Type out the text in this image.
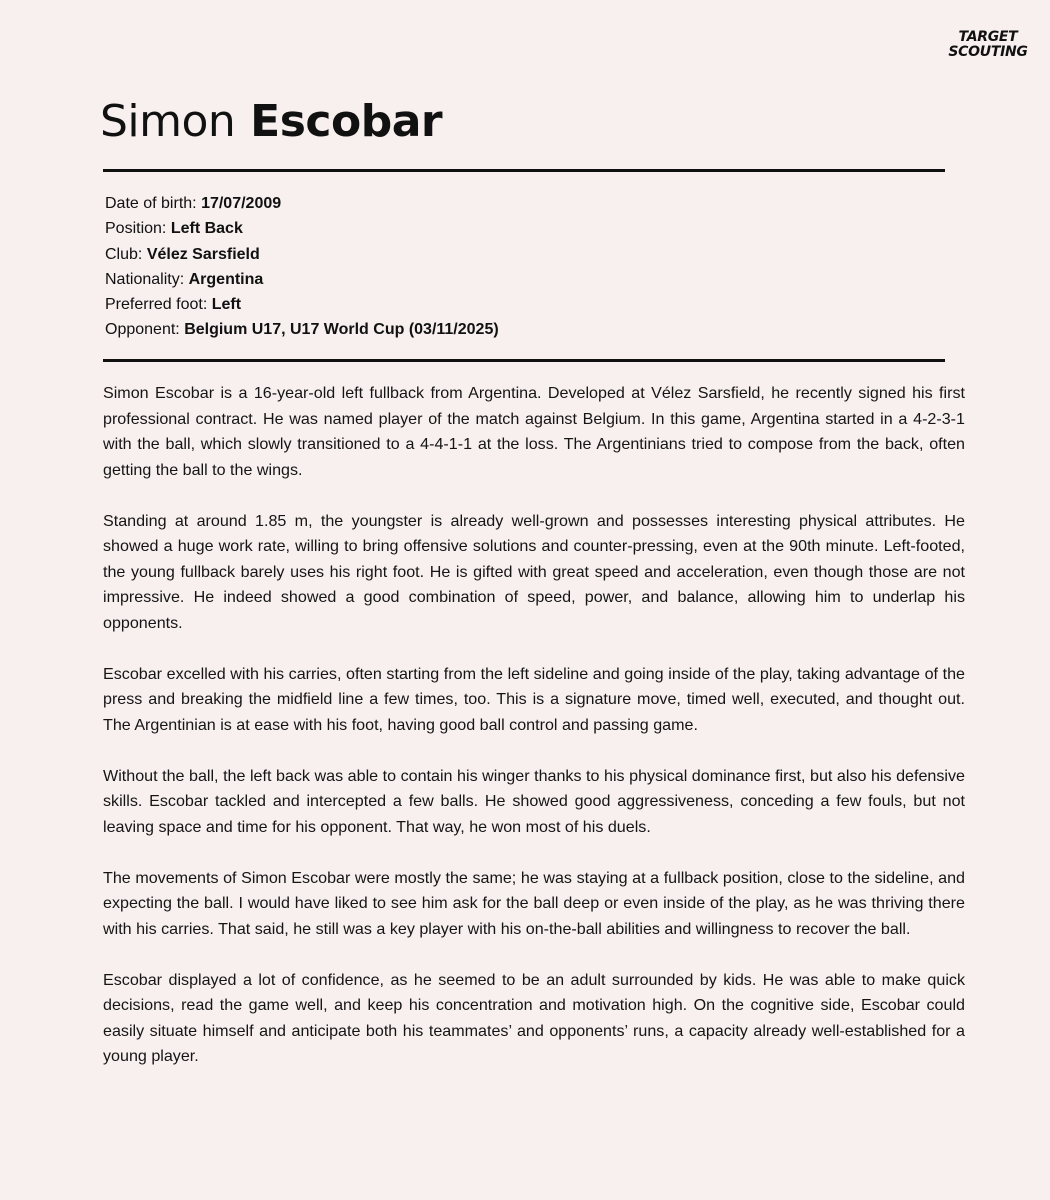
TARGET
SCOUTING
Simon Escobar
Date of birth: 17/07/2009
Position: Left Back
Club: Vélez Sarsfield
Nationality: Argentina
Preferred foot: Left
Opponent: Belgium U17, U17 World Cup (03/11/2025)

Simon Escobar is a 16-year-old left fullback from Argentina. Developed at Vélez Sarsfield, he recently signed his first professional contract. He was named player of the match against Belgium. In this game, Argentina started in a 4-2-3-1 with the ball, which slowly transitioned to a 4-4-1-1 at the loss. The Argentinians tried to compose from the back, often getting the ball to the wings.

Standing at around 1.85 m, the youngster is already well-grown and possesses interesting physical attributes. He showed a huge work rate, willing to bring offensive solutions and counter-pressing, even at the 90th minute. Left-footed, the young fullback barely uses his right foot. He is gifted with great speed and acceleration, even though those are not impressive. He indeed showed a good combination of speed, power, and balance, allowing him to underlap his opponents.

Escobar excelled with his carries, often starting from the left sideline and going inside of the play, taking advantage of the press and breaking the midfield line a few times, too. This is a signature move, timed well, executed, and thought out. The Argentinian is at ease with his foot, having good ball control and passing game.

Without the ball, the left back was able to contain his winger thanks to his physical dominance first, but also his defensive skills. Escobar tackled and intercepted a few balls. He showed good aggressiveness, conceding a few fouls, but not leaving space and time for his opponent. That way, he won most of his duels.

The movements of Simon Escobar were mostly the same; he was staying at a fullback position, close to the sideline, and expecting the ball. I would have liked to see him ask for the ball deep or even inside of the play, as he was thriving there with his carries. That said, he still was a key player with his on-the-ball abilities and willingness to recover the ball.

Escobar displayed a lot of confidence, as he seemed to be an adult surrounded by kids. He was able to make quick decisions, read the game well, and keep his concentration and motivation high. On the cognitive side, Escobar could easily situate himself and anticipate both his teammates’ and opponents’ runs, a capacity already well-established for a young player.
